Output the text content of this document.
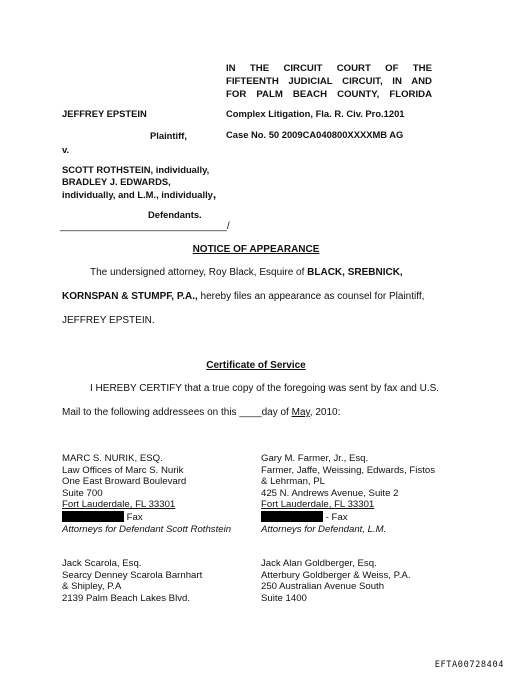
IN THE CIRCUIT COURT OF THE
FIFTEENTH JUDICIAL CIRCUIT, IN AND
FOR PALM BEACH COUNTY, FLORIDA
JEFFREY EPSTEIN
Plaintiff,
v.
SCOTT ROTHSTEIN, individually,
BRADLEY J. EDWARDS,
individually, and L.M., individually,
Defendants.
______________________________/
Complex Litigation, Fla. R. Civ. Pro.1201
Case No. 50 2009CA040800XXXXMB AG
NOTICE OF APPEARANCE
The undersigned attorney, Roy Black, Esquire of BLACK, SREBNICK,
KORNSPAN & STUMPF, P.A., hereby files an appearance as counsel for Plaintiff,
JEFFREY EPSTEIN.
Certificate of Service
I HEREBY CERTIFY that a true copy of the foregoing was sent by fax and U.S.
Mail to the following addressees on this ____day of May, 2010:
MARC S. NURIK, ESQ.
Law Offices of Marc S. Nurik
One East Broward Boulevard
Suite 700
Fort Lauderdale, FL 33301
Fax
Attorneys for Defendant Scott Rothstein
Gary M. Farmer, Jr., Esq.
Farmer, Jaffe, Weissing, Edwards, Fistos
& Lehrman, PL
425 N. Andrews Avenue, Suite 2
Fort Lauderdale, FL 33301
- Fax
Attorneys for Defendant, L.M.
Jack Scarola, Esq.
Searcy Denney Scarola Barnhart
& Shipley, P.A
2139 Palm Beach Lakes Blvd.
Jack Alan Goldberger, Esq.
Atterbury Goldberger & Weiss, P.A.
250 Australian Avenue South
Suite 1400
EFTA00728404
